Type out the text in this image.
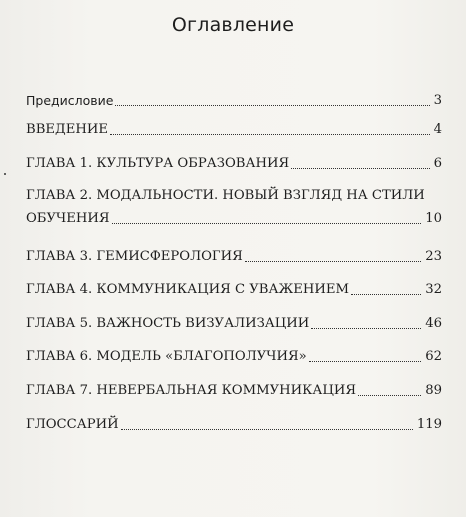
Оглавление
Предисловие	3
ВВЕДЕНИЕ	4
ГЛАВА 1. КУЛЬТУРА ОБРАЗОВАНИЯ	6
ГЛАВА 2. МОДАЛЬНОСТИ. НОВЫЙ ВЗГЛЯД НА СТИЛИ
ОБУЧЕНИЯ	10
ГЛАВА 3. ГЕМИСФЕРОЛОГИЯ	23
ГЛАВА 4. КОММУНИКАЦИЯ С УВАЖЕНИЕМ	32
ГЛАВА 5. ВАЖНОСТЬ ВИЗУАЛИЗАЦИИ	46
ГЛАВА 6. МОДЕЛЬ «БЛАГОПОЛУЧИЯ»	62
ГЛАВА 7. НЕВЕРБАЛЬНАЯ КОММУНИКАЦИЯ	89
ГЛОССАРИЙ	119
